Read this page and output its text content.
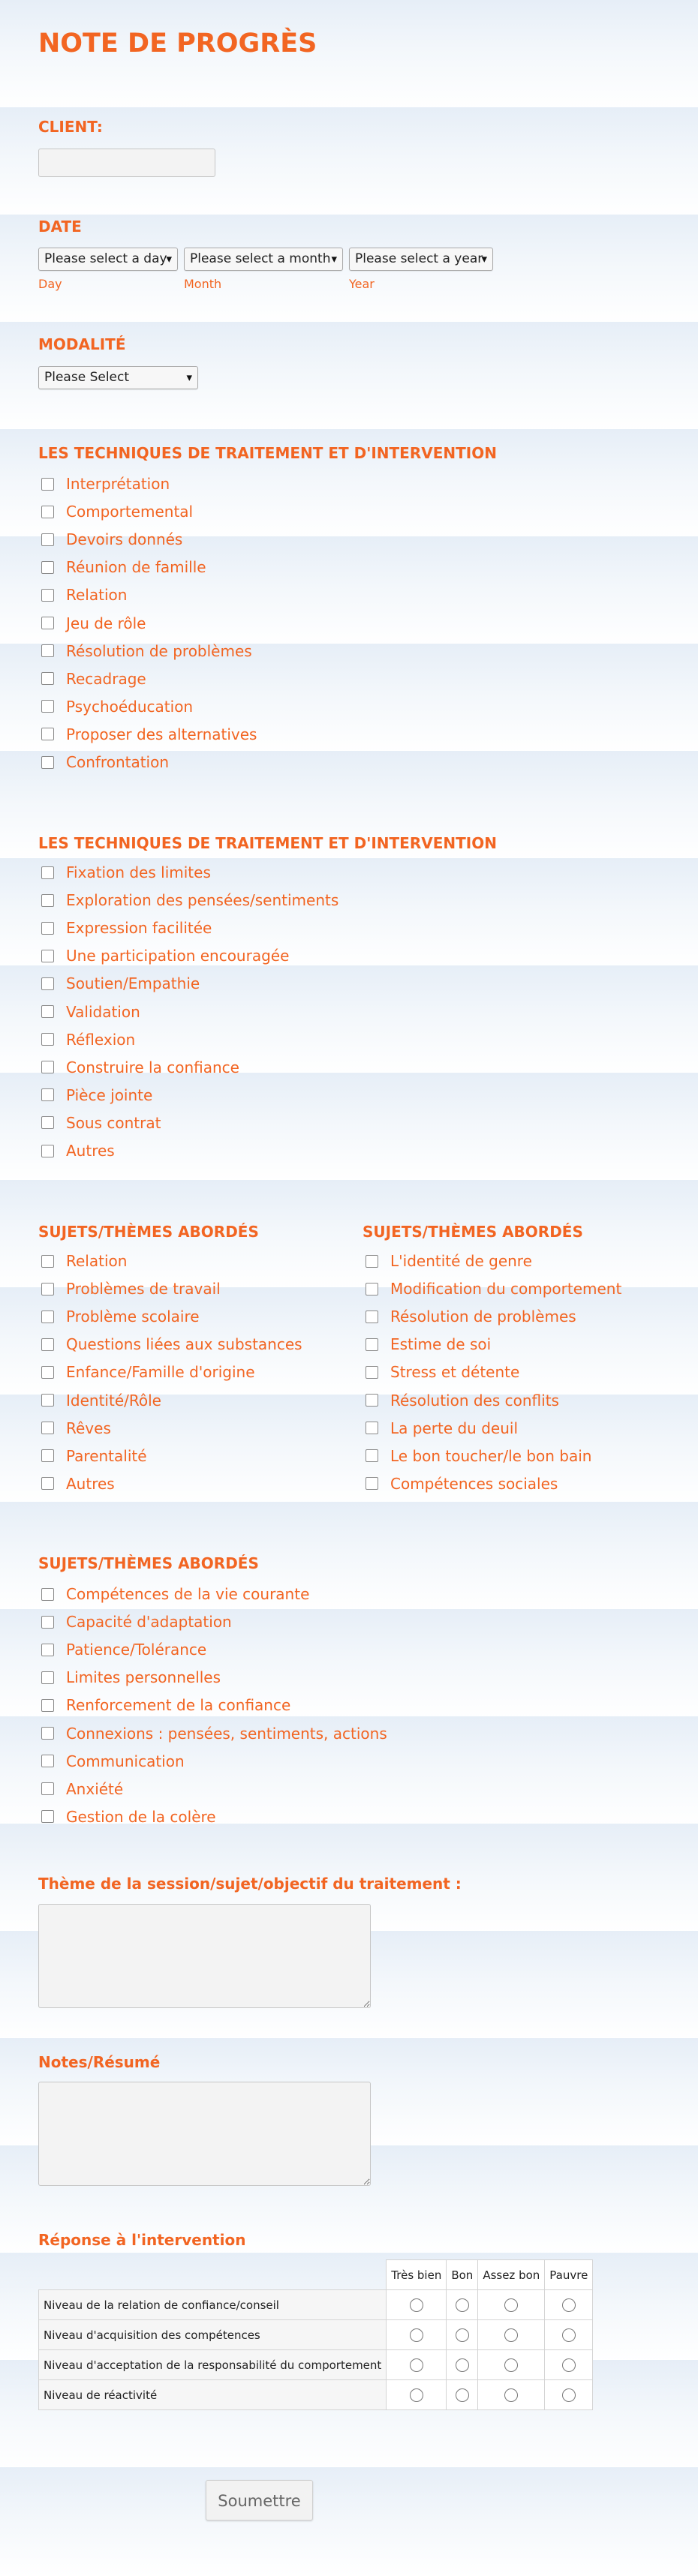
NOTE DE PROGRÈS
CLIENT:
DATE
Please select a day
▾	Please select a month ▾	Please select a year
▾
Day	Month	Year
MODALITÉ
Please Select	▾
LES TECHNIQUES DE TRAITEMENT ET D'INTERVENTION
Interprétation
Comportemental
Devoirs donnés
Réunion de famille
Relation
Jeu de rôle
Résolution de problèmes
Recadrage
Psychoéducation
Proposer des alternatives
Confrontation
LES TECHNIQUES DE TRAITEMENT ET D'INTERVENTION
Fixation des limites
Exploration des pensées/sentiments
Expression facilitée
Une participation encouragée
Soutien/Empathie
Validation
Réflexion
Construire la confiance
Pièce jointe
Sous contrat
Autres
SUJETS/THÈMES ABORDÉS	SUJETS/THÈMES ABORDÉS
Relation
Problèmes de travail
Problème scolaire
Questions liées aux substances
Enfance/Famille d'origine
Identité/Rôle
Rêves
Parentalité
Autres
L'identité de genre
Modification du comportement
Résolution de problèmes
Estime de soi
Stress et détente
Résolution des conflits
La perte du deuil
Le bon toucher/le bon bain
Compétences sociales
SUJETS/THÈMES ABORDÉS
Compétences de la vie courante
Capacité d'adaptation
Patience/Tolérance
Limites personnelles
Renforcement de la confiance
Connexions : pensées, sentiments, actions
Communication
Anxiété
Gestion de la colère
Thème de la session/sujet/objectif du traitement :
Notes/Résumé
Réponse à l'intervention
	Très bien	Bon	Assez bon	Pauvre
Niveau de la relation de confiance/conseil				
Niveau d'acquisition des compétences				
Niveau d'acceptation de la responsabilité du comportement				
Niveau de réactivité				
Soumettre
